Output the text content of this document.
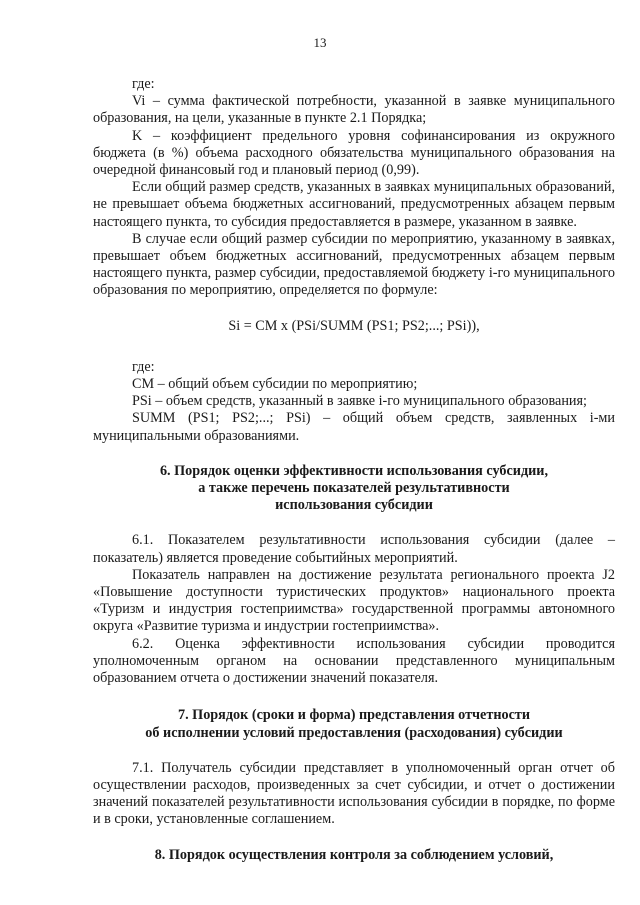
13

где:

Vi – сумма фактической потребности, указанной в заявке муниципального образования, на цели, указанные в пункте 2.1 Порядка;

K – коэффициент предельного уровня софинансирования из окружного бюджета (в %) объема расходного обязательства муниципального образования на очередной финансовый год и плановый период (0,99).

Если общий размер средств, указанных в заявках муниципальных образований, не превышает объема бюджетных ассигнований, предусмотренных абзацем первым настоящего пункта, то субсидия предоставляется в размере, указанном в заявке.

В случае если общий размер субсидии по мероприятию, указанному в заявках, превышает объем бюджетных ассигнований, предусмотренных абзацем первым настоящего пункта, размер субсидии, предоставляемой бюджету i-го муниципального образования по мероприятию, определяется по формуле:

Si = CM x (PSi/SUMM (PS1; PS2;...; PSi)),

где:

CM – общий объем субсидии по мероприятию;

PSi – объем средств, указанный в заявке i-го муниципального образования;

SUMM (PS1; PS2;...; PSi) – общий объем средств, заявленных i-ми муниципальными образованиями.

6. Порядок оценки эффективности использования субсидии,
а также перечень показателей результативности
использования субсидии

6.1. Показателем результативности использования субсидии (далее – показатель) является проведение событийных мероприятий.

Показатель направлен на достижение результата регионального проекта J2 «Повышение доступности туристических продуктов» национального проекта «Туризм и индустрия гостеприимства» государственной программы автономного округа «Развитие туризма и индустрии гостеприимства».

6.2. Оценка эффективности использования субсидии проводится уполномоченным органом на основании представленного муниципальным образованием отчета о достижении значений показателя.

7. Порядок (сроки и форма) представления отчетности
об исполнении условий предоставления (расходования) субсидии

7.1. Получатель субсидии представляет в уполномоченный орган отчет об осуществлении расходов, произведенных за счет субсидии, и отчет о достижении значений показателей результативности использования субсидии в порядке, по форме и в сроки, установленные соглашением.

8. Порядок осуществления контроля за соблюдением условий,
